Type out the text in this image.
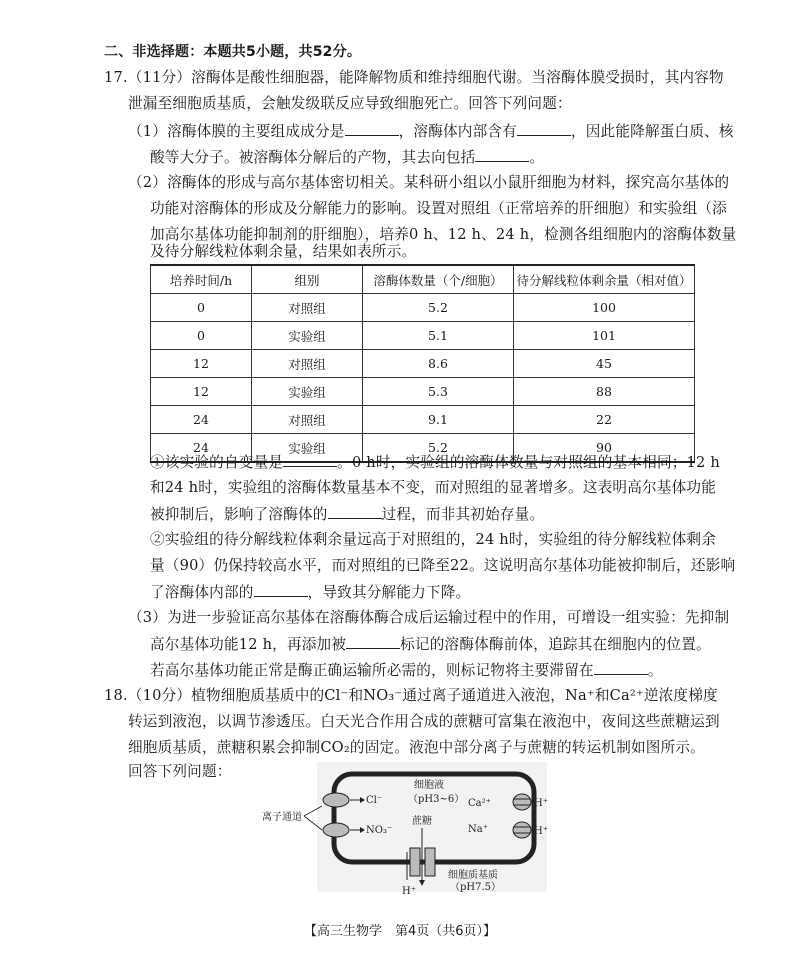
二、非选择题：本题共5小题，共52分。
17.（11分）溶酶体是酸性细胞器，能降解物质和维持细胞代谢。当溶酶体膜受损时，其内容物
泄漏至细胞质基质，会触发级联反应导致细胞死亡。回答下列问题：
（1）溶酶体膜的主要组成成分是	，溶酶体内部含有	，因此能降解蛋白质、核
酸等大分子。被溶酶体分解后的产物，其去向包括	。
（2）溶酶体的形成与高尔基体密切相关。某科研小组以小鼠肝细胞为材料，探究高尔基体的
功能对溶酶体的形成及分解能力的影响。设置对照组（正常培养的肝细胞）和实验组（添
加高尔基体功能抑制剂的肝细胞），培养0 h、12 h、24 h，检测各组细胞内的溶酶体数量
及待分解线粒体剩余量，结果如表所示。
培养时间/h	组别	溶酶体数量（个/细胞）	待分解线粒体剩余量（相对值）
0	对照组	5.2	100
0	实验组	5.1	101
12	对照组	8.6	45
12	实验组	5.3	88
24	对照组	9.1	22
24	实验组	5.2	90
①该实验的自变量是	。0 h时，实验组的溶酶体数量与对照组的基本相同；12 h
和24 h时，实验组的溶酶体数量基本不变，而对照组的显著增多。这表明高尔基体功能
被抑制后，影响了溶酶体的	过程，而非其初始存量。
②实验组的待分解线粒体剩余量远高于对照组的，24 h时，实验组的待分解线粒体剩余
量（90）仍保持较高水平，而对照组的已降至22。这说明高尔基体功能被抑制后，还影响
了溶酶体内部的	，导致其分解能力下降。
（3）为进一步验证高尔基体在溶酶体酶合成后运输过程中的作用，可增设一组实验：先抑制
高尔基体功能12 h，再添加被	标记的溶酶体酶前体，追踪其在细胞内的位置。
若高尔基体功能正常是酶正确运输所必需的，则标记物将主要滞留在	。
18.（10分）植物细胞质基质中的Cl⁻和NO₃⁻通过离子通道进入液泡，Na⁺和Ca²⁺逆浓度梯度
转运到液泡，以调节渗透压。白天光合作用合成的蔗糖可富集在液泡中，夜间这些蔗糖运到
细胞质基质，蔗糖积累会抑制CO₂的固定。液泡中部分离子与蔗糖的转运机制如图所示。
回答下列问题：
细胞液
（pH3~6）
离子通道
Cl⁻
NO₃⁻
蔗糖
H⁺
Ca²⁺	H⁺
Na⁺	H⁺
细胞质基质
（pH7.5）
【高三生物学　第4页（共6页）】
